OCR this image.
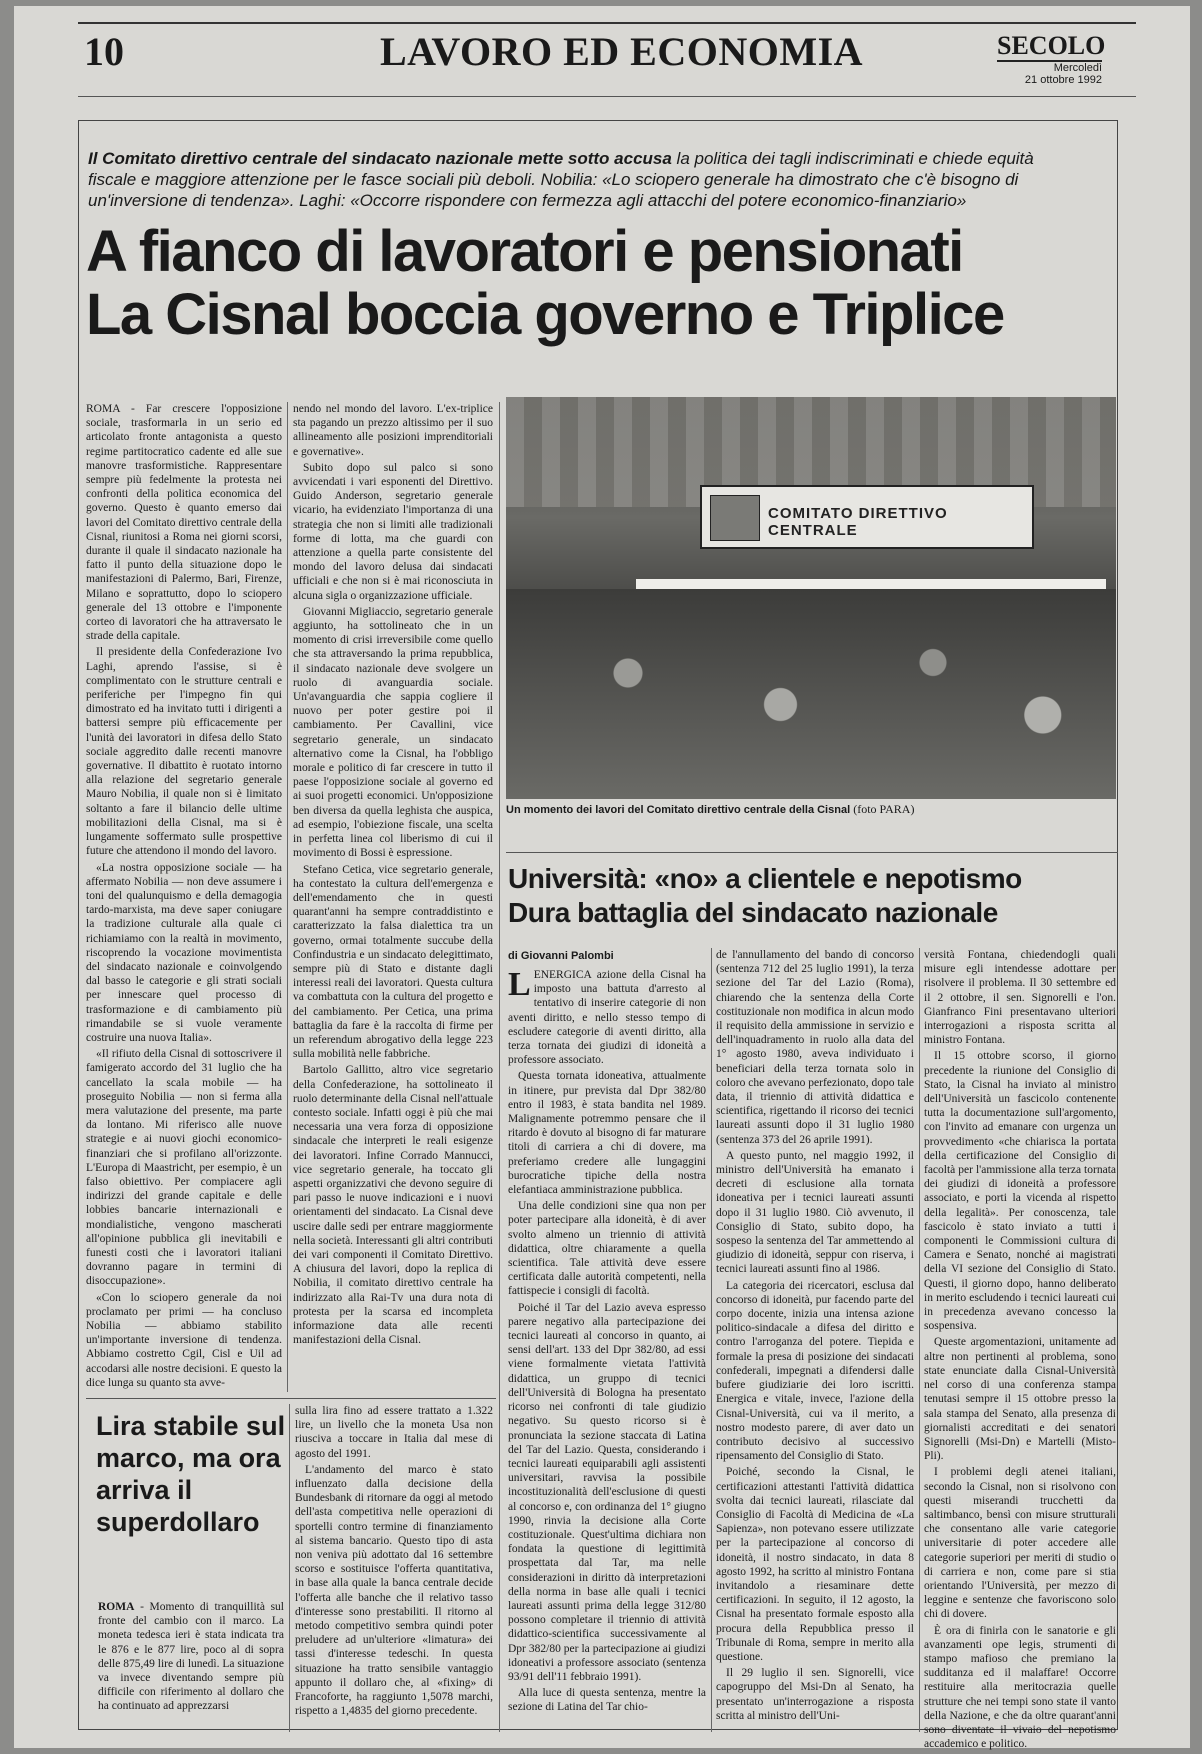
10	LAVORO ED ECONOMIA	SECOLO
Mercoledì
21 ottobre 1992
Il Comitato direttivo centrale del sindacato nazionale mette sotto accusa la politica dei tagli indiscriminati e chiede equità fiscale e maggiore attenzione per le fasce sociali più deboli. Nobilia: «Lo sciopero generale ha dimostrato che c'è bisogno di un'inversione di tendenza». Laghi: «Occorre rispondere con fermezza agli attacchi del potere economico-finanziario»
A fianco di lavoratori e pensionati
La Cisnal boccia governo e Triplice

ROMA - Far crescere l'opposizione sociale, trasformarla in un serio ed articolato fronte antagonista a questo regime partitocratico cadente ed alle sue manovre trasformistiche. Rappresentare sempre più fedelmente la protesta nei confronti della politica economica del governo. Questo è quanto emerso dai lavori del Comitato direttivo centrale della Cisnal, riunitosi a Roma nei giorni scorsi, durante il quale il sindacato nazionale ha fatto il punto della situazione dopo le manifestazioni di Palermo, Bari, Firenze, Milano e soprattutto, dopo lo sciopero generale del 13 ottobre e l'imponente corteo di lavoratori che ha attraversato le strade della capitale.

Il presidente della Confederazione Ivo Laghi, aprendo l'assise, si è complimentato con le strutture centrali e periferiche per l'impegno fin qui dimostrato ed ha invitato tutti i dirigenti a battersi sempre più efficacemente per l'unità dei lavoratori in difesa dello Stato sociale aggredito dalle recenti manovre governative. Il dibattito è ruotato intorno alla relazione del segretario generale Mauro Nobilia, il quale non si è limitato soltanto a fare il bilancio delle ultime mobilitazioni della Cisnal, ma si è lungamente soffermato sulle prospettive future che attendono il mondo del lavoro.

«La nostra opposizione sociale — ha affermato Nobilia — non deve assumere i toni del qualunquismo e della demagogia tardo-marxista, ma deve saper coniugare la tradizione culturale alla quale ci richiamiamo con la realtà in movimento, riscoprendo la vocazione movimentista del sindacato nazionale e coinvolgendo dal basso le categorie e gli strati sociali per innescare quel processo di trasformazione e di cambiamento più rimandabile se si vuole veramente costruire una nuova Italia».

«Il rifiuto della Cisnal di sottoscrivere il famigerato accordo del 31 luglio che ha cancellato la scala mobile — ha proseguito Nobilia — non si ferma alla mera valutazione del presente, ma parte da lontano. Mi riferisco alle nuove strategie e ai nuovi giochi economico-finanziari che si profilano all'orizzonte. L'Europa di Maastricht, per esempio, è un falso obiettivo. Per compiacere agli indirizzi del grande capitale e delle lobbies bancarie internazionali e mondialistiche, vengono mascherati all'opinione pubblica gli inevitabili e funesti costi che i lavoratori italiani dovranno pagare in termini di disoccupazione».

«Con lo sciopero generale da noi proclamato per primi — ha concluso Nobilia — abbiamo stabilito un'importante inversione di tendenza. Abbiamo costretto Cgil, Cisl e Uil ad accodarsi alle nostre decisioni. E questo la dice lunga su quanto sta avve-

nendo nel mondo del lavoro. L'ex-triplice sta pagando un prezzo altissimo per il suo allineamento alle posizioni imprenditoriali e governative».

Subito dopo sul palco si sono avvicendati i vari esponenti del Direttivo. Guido Anderson, segretario generale vicario, ha evidenziato l'importanza di una strategia che non si limiti alle tradizionali forme di lotta, ma che guardi con attenzione a quella parte consistente del mondo del lavoro delusa dai sindacati ufficiali e che non si è mai riconosciuta in alcuna sigla o organizzazione ufficiale.

Giovanni Migliaccio, segretario generale aggiunto, ha sottolineato che in un momento di crisi irreversibile come quello che sta attraversando la prima repubblica, il sindacato nazionale deve svolgere un ruolo di avanguardia sociale. Un'avanguardia che sappia cogliere il nuovo per poter gestire poi il cambiamento. Per Cavallini, vice segretario generale, un sindacato alternativo come la Cisnal, ha l'obbligo morale e politico di far crescere in tutto il paese l'opposizione sociale al governo ed ai suoi progetti economici. Un'opposizione ben diversa da quella leghista che auspica, ad esempio, l'obiezione fiscale, una scelta in perfetta linea col liberismo di cui il movimento di Bossi è espressione.

Stefano Cetica, vice segretario generale, ha contestato la cultura dell'emergenza e dell'emendamento che in questi quarant'anni ha sempre contraddistinto e caratterizzato la falsa dialettica tra un governo, ormai totalmente succube della Confindustria e un sindacato delegittimato, sempre più di Stato e distante dagli interessi reali dei lavoratori. Questa cultura va combattuta con la cultura del progetto e del cambiamento. Per Cetica, una prima battaglia da fare è la raccolta di firme per un referendum abrogativo della legge 223 sulla mobilità nelle fabbriche.

Bartolo Gallitto, altro vice segretario della Confederazione, ha sottolineato il ruolo determinante della Cisnal nell'attuale contesto sociale. Infatti oggi è più che mai necessaria una vera forza di opposizione sindacale che interpreti le reali esigenze dei lavoratori. Infine Corrado Mannucci, vice segretario generale, ha toccato gli aspetti organizzativi che devono seguire di pari passo le nuove indicazioni e i nuovi orientamenti del sindacato. La Cisnal deve uscire dalle sedi per entrare maggiormente nella società. Interessanti gli altri contributi dei vari componenti il Comitato Direttivo. A chiusura del lavori, dopo la replica di Nobilia, il comitato direttivo centrale ha indirizzato alla Rai-Tv una dura nota di protesta per la scarsa ed incompleta informazione data alle recenti manifestazioni della Cisnal.

COMITATO DIRETTIVO CENTRALE
Un momento dei lavori del Comitato direttivo centrale della Cisnal (foto PARA)
Università: «no» a clientele e nepotismo
Dura battaglia del sindacato nazionale
di Giovanni Palombi

LENERGICA azione della Cisnal ha imposto una battuta d'arresto al tentativo di inserire categorie di non aventi diritto, e nello stesso tempo di escludere categorie di aventi diritto, alla terza tornata dei giudizi di idoneità a professore associato.

Questa tornata idoneativa, attualmente in itinere, pur prevista dal Dpr 382/80 entro il 1983, è stata bandita nel 1989. Malignamente potremmo pensare che il ritardo è dovuto al bisogno di far maturare titoli di carriera a chi di dovere, ma preferiamo credere alle lungaggini burocratiche tipiche della nostra elefantiaca amministrazione pubblica.

Una delle condizioni sine qua non per poter partecipare alla idoneità, è di aver svolto almeno un triennio di attività didattica, oltre chiaramente a quella scientifica. Tale attività deve essere certificata dalle autorità competenti, nella fattispecie i consigli di facoltà.

Poiché il Tar del Lazio aveva espresso parere negativo alla partecipazione dei tecnici laureati al concorso in quanto, ai sensi dell'art. 133 del Dpr 382/80, ad essi viene formalmente vietata l'attività didattica, un gruppo di tecnici dell'Università di Bologna ha presentato ricorso nei confronti di tale giudizio negativo. Su questo ricorso si è pronunciata la sezione staccata di Latina del Tar del Lazio. Questa, considerando i tecnici laureati equiparabili agli assistenti universitari, ravvisa la possibile incostituzionalità dell'esclusione di questi al concorso e, con ordinanza del 1° giugno 1990, rinvia la decisione alla Corte costituzionale. Quest'ultima dichiara non fondata la questione di legittimità prospettata dal Tar, ma nelle considerazioni in diritto dà interpretazioni della norma in base alle quali i tecnici laureati assunti prima della legge 312/80 possono completare il triennio di attività didattico-scientifica successivamente al Dpr 382/80 per la partecipazione ai giudizi idoneativi a professore associato (sentenza 93/91 dell'11 febbraio 1991).

Alla luce di questa sentenza, mentre la sezione di Latina del Tar chio-

de l'annullamento del bando di concorso (sentenza 712 del 25 luglio 1991), la terza sezione del Tar del Lazio (Roma), chiarendo che la sentenza della Corte costituzionale non modifica in alcun modo il requisito della ammissione in servizio e dell'inquadramento in ruolo alla data del 1° agosto 1980, aveva individuato i beneficiari della terza tornata solo in coloro che avevano perfezionato, dopo tale data, il triennio di attività didattica e scientifica, rigettando il ricorso dei tecnici laureati assunti dopo il 31 luglio 1980 (sentenza 373 del 26 aprile 1991).

A questo punto, nel maggio 1992, il ministro dell'Università ha emanato i decreti di esclusione alla tornata idoneativa per i tecnici laureati assunti dopo il 31 luglio 1980. Ciò avvenuto, il Consiglio di Stato, subito dopo, ha sospeso la sentenza del Tar ammettendo al giudizio di idoneità, seppur con riserva, i tecnici laureati assunti fino al 1986.

La categoria dei ricercatori, esclusa dal concorso di idoneità, pur facendo parte del corpo docente, inizia una intensa azione politico-sindacale a difesa del diritto e contro l'arroganza del potere. Tiepida e formale la presa di posizione dei sindacati confederali, impegnati a difendersi dalle bufere giudiziarie dei loro iscritti. Energica e vitale, invece, l'azione della Cisnal-Università, cui va il merito, a nostro modesto parere, di aver dato un contributo decisivo al successivo ripensamento del Consiglio di Stato.

Poiché, secondo la Cisnal, le certificazioni attestanti l'attività didattica svolta dai tecnici laureati, rilasciate dal Consiglio di Facoltà di Medicina de «La Sapienza», non potevano essere utilizzate per la partecipazione al concorso di idoneità, il nostro sindacato, in data 8 agosto 1992, ha scritto al ministro Fontana invitandolo a riesaminare dette certificazioni. In seguito, il 12 agosto, la Cisnal ha presentato formale esposto alla procura della Repubblica presso il Tribunale di Roma, sempre in merito alla questione.

Il 29 luglio il sen. Signorelli, vice capogruppo del Msi-Dn al Senato, ha presentato un'interrogazione a risposta scritta al ministro dell'Uni-

versità Fontana, chiedendogli quali misure egli intendesse adottare per risolvere il problema. Il 30 settembre ed il 2 ottobre, il sen. Signorelli e l'on. Gianfranco Fini presentavano ulteriori interrogazioni a risposta scritta al ministro Fontana.

Il 15 ottobre scorso, il giorno precedente la riunione del Consiglio di Stato, la Cisnal ha inviato al ministro dell'Università un fascicolo contenente tutta la documentazione sull'argomento, con l'invito ad emanare con urgenza un provvedimento «che chiarisca la portata della certificazione del Consiglio di facoltà per l'ammissione alla terza tornata dei giudizi di idoneità a professore associato, e porti la vicenda al rispetto della legalità». Per conoscenza, tale fascicolo è stato inviato a tutti i componenti le Commissioni cultura di Camera e Senato, nonché ai magistrati della VI sezione del Consiglio di Stato. Questi, il giorno dopo, hanno deliberato in merito escludendo i tecnici laureati cui in precedenza avevano concesso la sospensiva.

Queste argomentazioni, unitamente ad altre non pertinenti al problema, sono state enunciate dalla Cisnal-Università nel corso di una conferenza stampa tenutasi sempre il 15 ottobre presso la sala stampa del Senato, alla presenza di giornalisti accreditati e dei senatori Signorelli (Msi-Dn) e Martelli (Misto-Pli).

I problemi degli atenei italiani, secondo la Cisnal, non si risolvono con questi miserandi trucchetti da saltimbanco, bensì con misure strutturali che consentano alle varie categorie universitarie di poter accedere alle categorie superiori per meriti di studio o di carriera e non, come pare si stia orientando l'Università, per mezzo di leggine e sentenze che favoriscono solo chi di dovere.

È ora di finirla con le sanatorie e gli avanzamenti ope legis, strumenti di stampo mafioso che premiano la sudditanza ed il malaffare! Occorre restituire alla meritocrazia quelle strutture che nei tempi sono state il vanto della Nazione, e che da oltre quarant'anni sono diventate il vivaio del nepotismo accademico e politico.

Lira stabile sul marco, ma ora arriva il superdollaro

ROMA - Momento di tranquillità sul fronte del cambio con il marco. La moneta tedesca ieri è stata indicata tra le 876 e le 877 lire, poco al di sopra delle 875,49 lire di lunedì. La situazione va invece diventando sempre più difficile con riferimento al dollaro che ha continuato ad apprezzarsi

sulla lira fino ad essere trattato a 1.322 lire, un livello che la moneta Usa non riusciva a toccare in Italia dal mese di agosto del 1991.

L'andamento del marco è stato influenzato dalla decisione della Bundesbank di ritornare da oggi al metodo dell'asta competitiva nelle operazioni di sportelli contro termine di finanziamento al sistema bancario. Questo tipo di asta non veniva più adottato dal 16 settembre scorso e sostituisce l'offerta quantitativa, in base alla quale la banca centrale decide l'offerta alle banche che il relativo tasso d'interesse sono prestabiliti. Il ritorno al metodo competitivo sembra quindi poter preludere ad un'ulteriore «limatura» dei tassi d'interesse tedeschi. In questa situazione ha tratto sensibile vantaggio appunto il dollaro che, al «fixing» di Francoforte, ha raggiunto 1,5078 marchi, rispetto a 1,4835 del giorno precedente.
